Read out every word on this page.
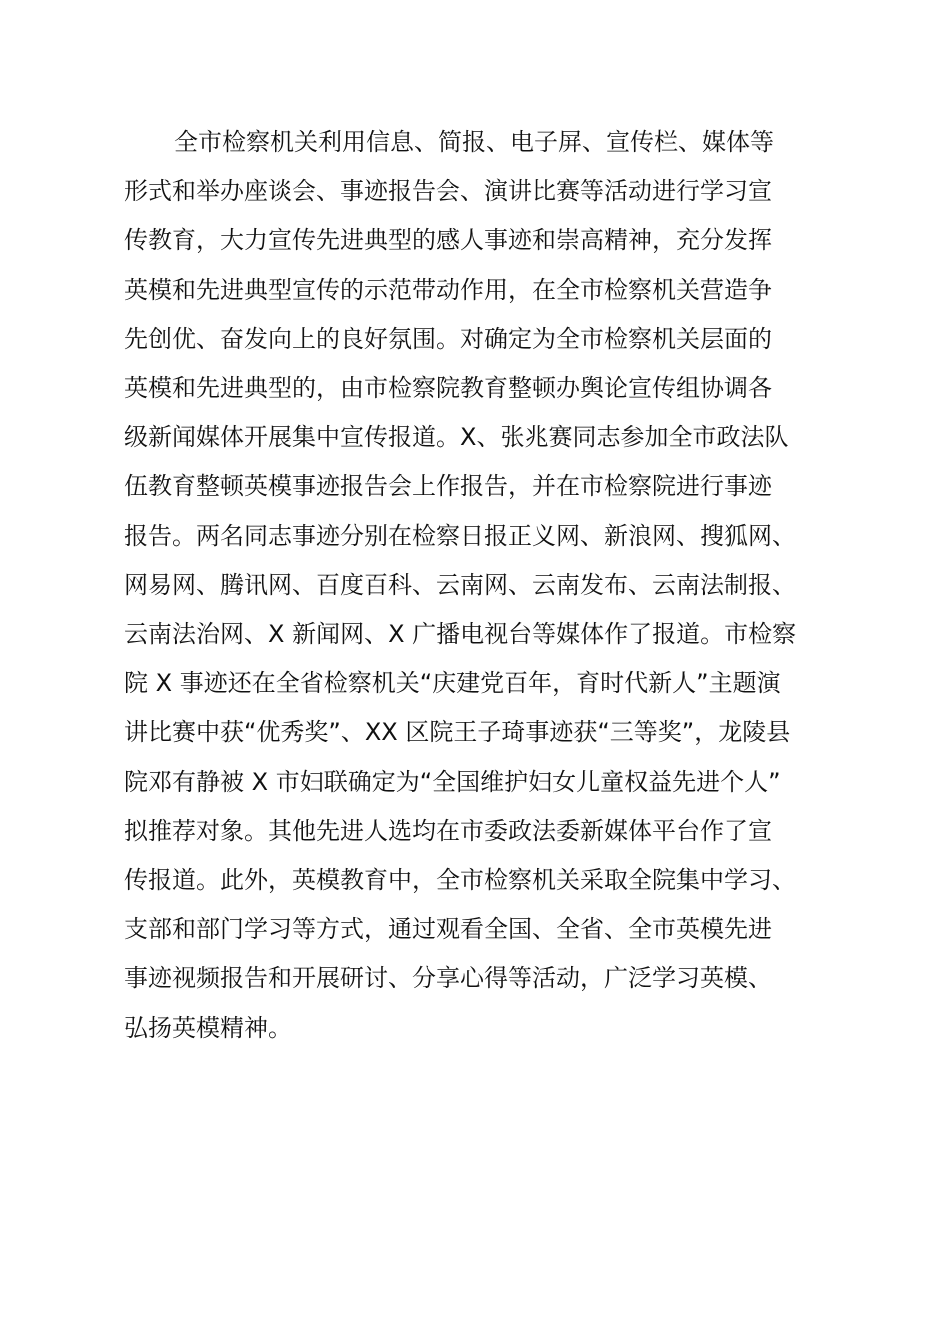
全市检察机关利用信息、简报、电子屏、宣传栏、媒体等
形式和举办座谈会、事迹报告会、演讲比赛等活动进行学习宣
传教育，大力宣传先进典型的感人事迹和崇高精神，充分发挥
英模和先进典型宣传的示范带动作用，在全市检察机关营造争
先创优、奋发向上的良好氛围。对确定为全市检察机关层面的
英模和先进典型的，由市检察院教育整顿办舆论宣传组协调各
级新闻媒体开展集中宣传报道。X、张兆赛同志参加全市政法队
伍教育整顿英模事迹报告会上作报告，并在市检察院进行事迹
报告。两名同志事迹分别在检察日报正义网、新浪网、搜狐网、
网易网、腾讯网、百度百科、云南网、云南发布、云南法制报、
云南法治网、X 新闻网、X 广播电视台等媒体作了报道。市检察
院 X 事迹还在全省检察机关“庆建党百年，育时代新人”主题演
讲比赛中获“优秀奖”、XX 区院王子琦事迹获“三等奖”，龙陵县
院邓有静被 X 市妇联确定为“全国维护妇女儿童权益先进个人”
拟推荐对象。其他先进人选均在市委政法委新媒体平台作了宣
传报道。此外，英模教育中，全市检察机关采取全院集中学习、
支部和部门学习等方式，通过观看全国、全省、全市英模先进
事迹视频报告和开展研讨、分享心得等活动，广泛学习英模、
弘扬英模精神。
